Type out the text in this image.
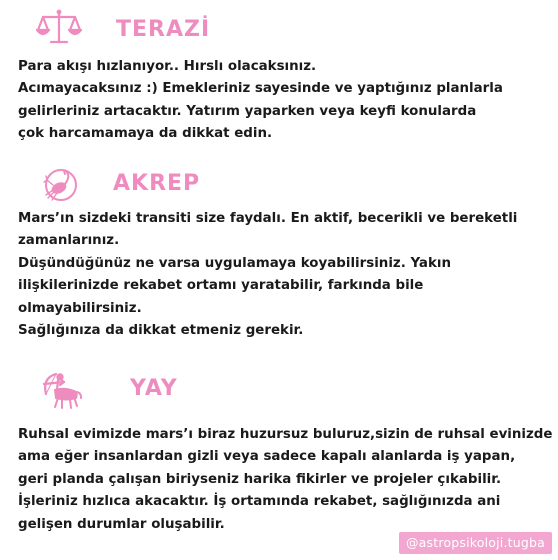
TERAZİ
Para akışı hızlanıyor.. Hırslı olacaksınız.
Acımayacaksınız :) Emekleriniz sayesinde ve yaptığınız planlarla
gelirleriniz artacaktır. Yatırım yaparken veya keyfi konularda
çok harcamamaya da dikkat edin.
AKREP
Mars’ın sizdeki transiti size faydalı. En aktif, becerikli ve bereketli
zamanlarınız.
Düşündüğünüz ne varsa uygulamaya koyabilirsiniz. Yakın
ilişkilerinizde rekabet ortamı yaratabilir, farkında bile
olmayabilirsiniz.
Sağlığınıza da dikkat etmeniz gerekir.
YAY
Ruhsal evimizde mars’ı biraz huzursuz buluruz,sizin de ruhsal evinizde
ama eğer insanlardan gizli veya sadece kapalı alanlarda iş yapan,
geri planda çalışan biriyseniz harika fikirler ve projeler çıkabilir.
İşleriniz hızlıca akacaktır. İş ortamında rekabet, sağlığınızda ani
gelişen durumlar oluşabilir.
@astropsikoloji.tugba
